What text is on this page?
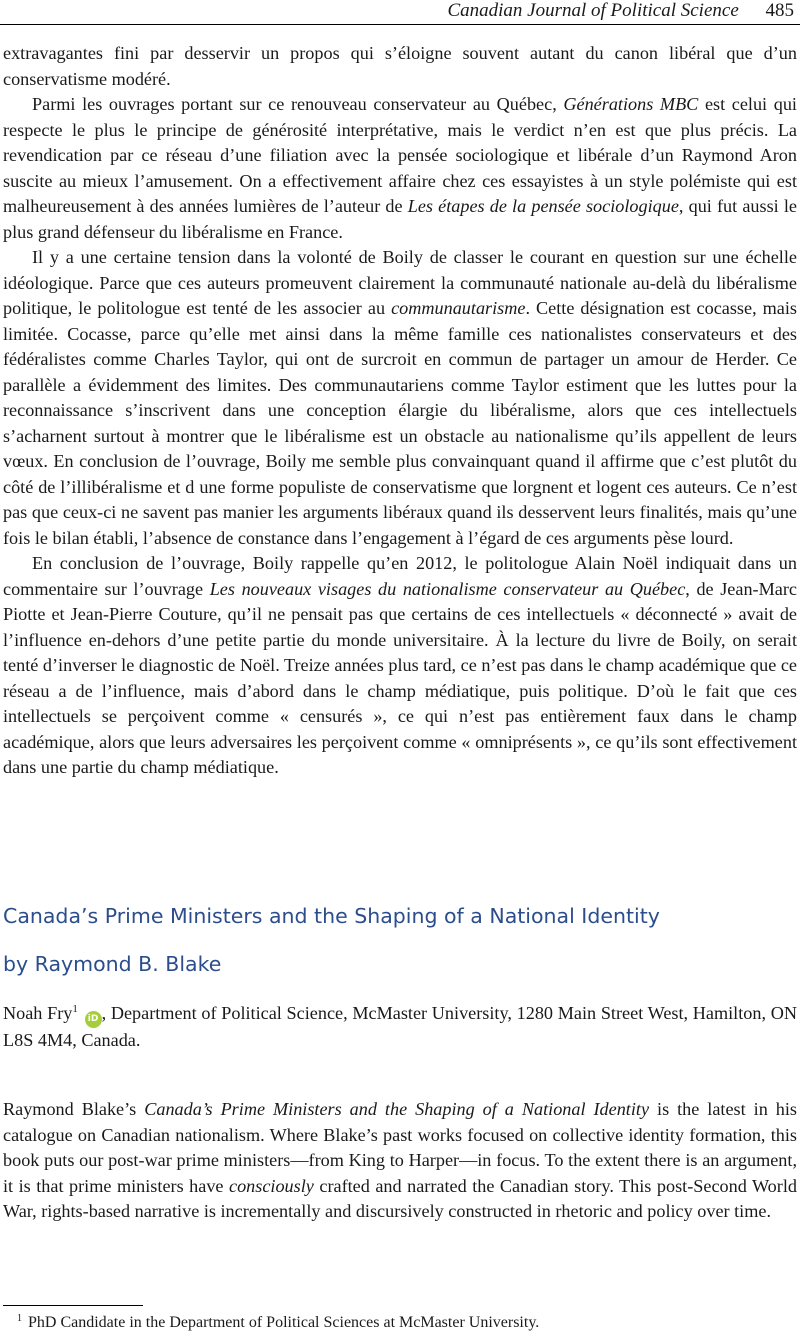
Canadian Journal of Political Science 485

extravagantes fini par desservir un propos qui s’éloigne souvent autant du canon libéral que d’un conservatisme modéré.

Parmi les ouvrages portant sur ce renouveau conservateur au Québec, Générations MBC est celui qui respecte le plus le principe de générosité interprétative, mais le verdict n’en est que plus précis. La revendication par ce réseau d’une filiation avec la pensée sociologique et libérale d’un Raymond Aron suscite au mieux l’amusement. On a effectivement affaire chez ces essayistes à un style polémiste qui est malheureusement à des années lumières de l’auteur de Les étapes de la pensée sociologique, qui fut aussi le plus grand défenseur du libéralisme en France.

Il y a une certaine tension dans la volonté de Boily de classer le courant en question sur une échelle idéologique. Parce que ces auteurs promeuvent clairement la communauté nationale au-delà du libéralisme politique, le politologue est tenté de les associer au communautarisme. Cette désignation est cocasse, mais limitée. Cocasse, parce qu’elle met ainsi dans la même famille ces nationalistes conservateurs et des fédéralistes comme Charles Taylor, qui ont de surcroit en commun de partager un amour de Herder. Ce parallèle a évidemment des limites. Des communautariens comme Taylor estiment que les luttes pour la reconnaissance s’inscrivent dans une conception élargie du libéralisme, alors que ces intellectuels s’acharnent surtout à montrer que le libéralisme est un obstacle au nationalisme qu’ils appellent de leurs vœux. En conclusion de l’ouvrage, Boily me semble plus convainquant quand il affirme que c’est plutôt du côté de l’illibéralisme et d une forme populiste de conservatisme que lorgnent et logent ces auteurs. Ce n’est pas que ceux-ci ne savent pas manier les arguments libéraux quand ils desservent leurs finalités, mais qu’une fois le bilan établi, l’absence de constance dans l’engagement à l’égard de ces arguments pèse lourd.

En conclusion de l’ouvrage, Boily rappelle qu’en 2012, le politologue Alain Noël indiquait dans un commentaire sur l’ouvrage Les nouveaux visages du nationalisme conservateur au Québec, de Jean-Marc Piotte et Jean-Pierre Couture, qu’il ne pensait pas que certains de ces intellectuels « déconnecté » avait de l’influence en-dehors d’une petite partie du monde universitaire. À la lecture du livre de Boily, on serait tenté d’inverser le diagnostic de Noël. Treize années plus tard, ce n’est pas dans le champ académique que ce réseau a de l’influence, mais d’abord dans le champ médiatique, puis politique. D’où le fait que ces intellectuels se perçoivent comme « censurés », ce qui n’est pas entièrement faux dans le champ académique, alors que leurs adversaires les perçoivent comme « omniprésents », ce qu’ils sont effectivement dans une partie du champ médiatique.

Canada’s Prime Ministers and the Shaping of a National Identity
by Raymond B. Blake
Noah Fry$^1$ iD , Department of Political Science, McMaster University, 1280 Main Street West, Hamilton, ON L8S 4M4, Canada.

Raymond Blake’s Canada’s Prime Ministers and the Shaping of a National Identity is the latest in his catalogue on Canadian nationalism. Where Blake’s past works focused on collective identity formation, this book puts our post-war prime ministers—from King to Harper—in focus. To the extent there is an argument, it is that prime ministers have consciously crafted and narrated the Canadian story. This post-Second World War, rights-based narrative is incrementally and discursively constructed in rhetoric and policy over time.

$^1$ PhD Candidate in the Department of Political Sciences at McMaster University.
